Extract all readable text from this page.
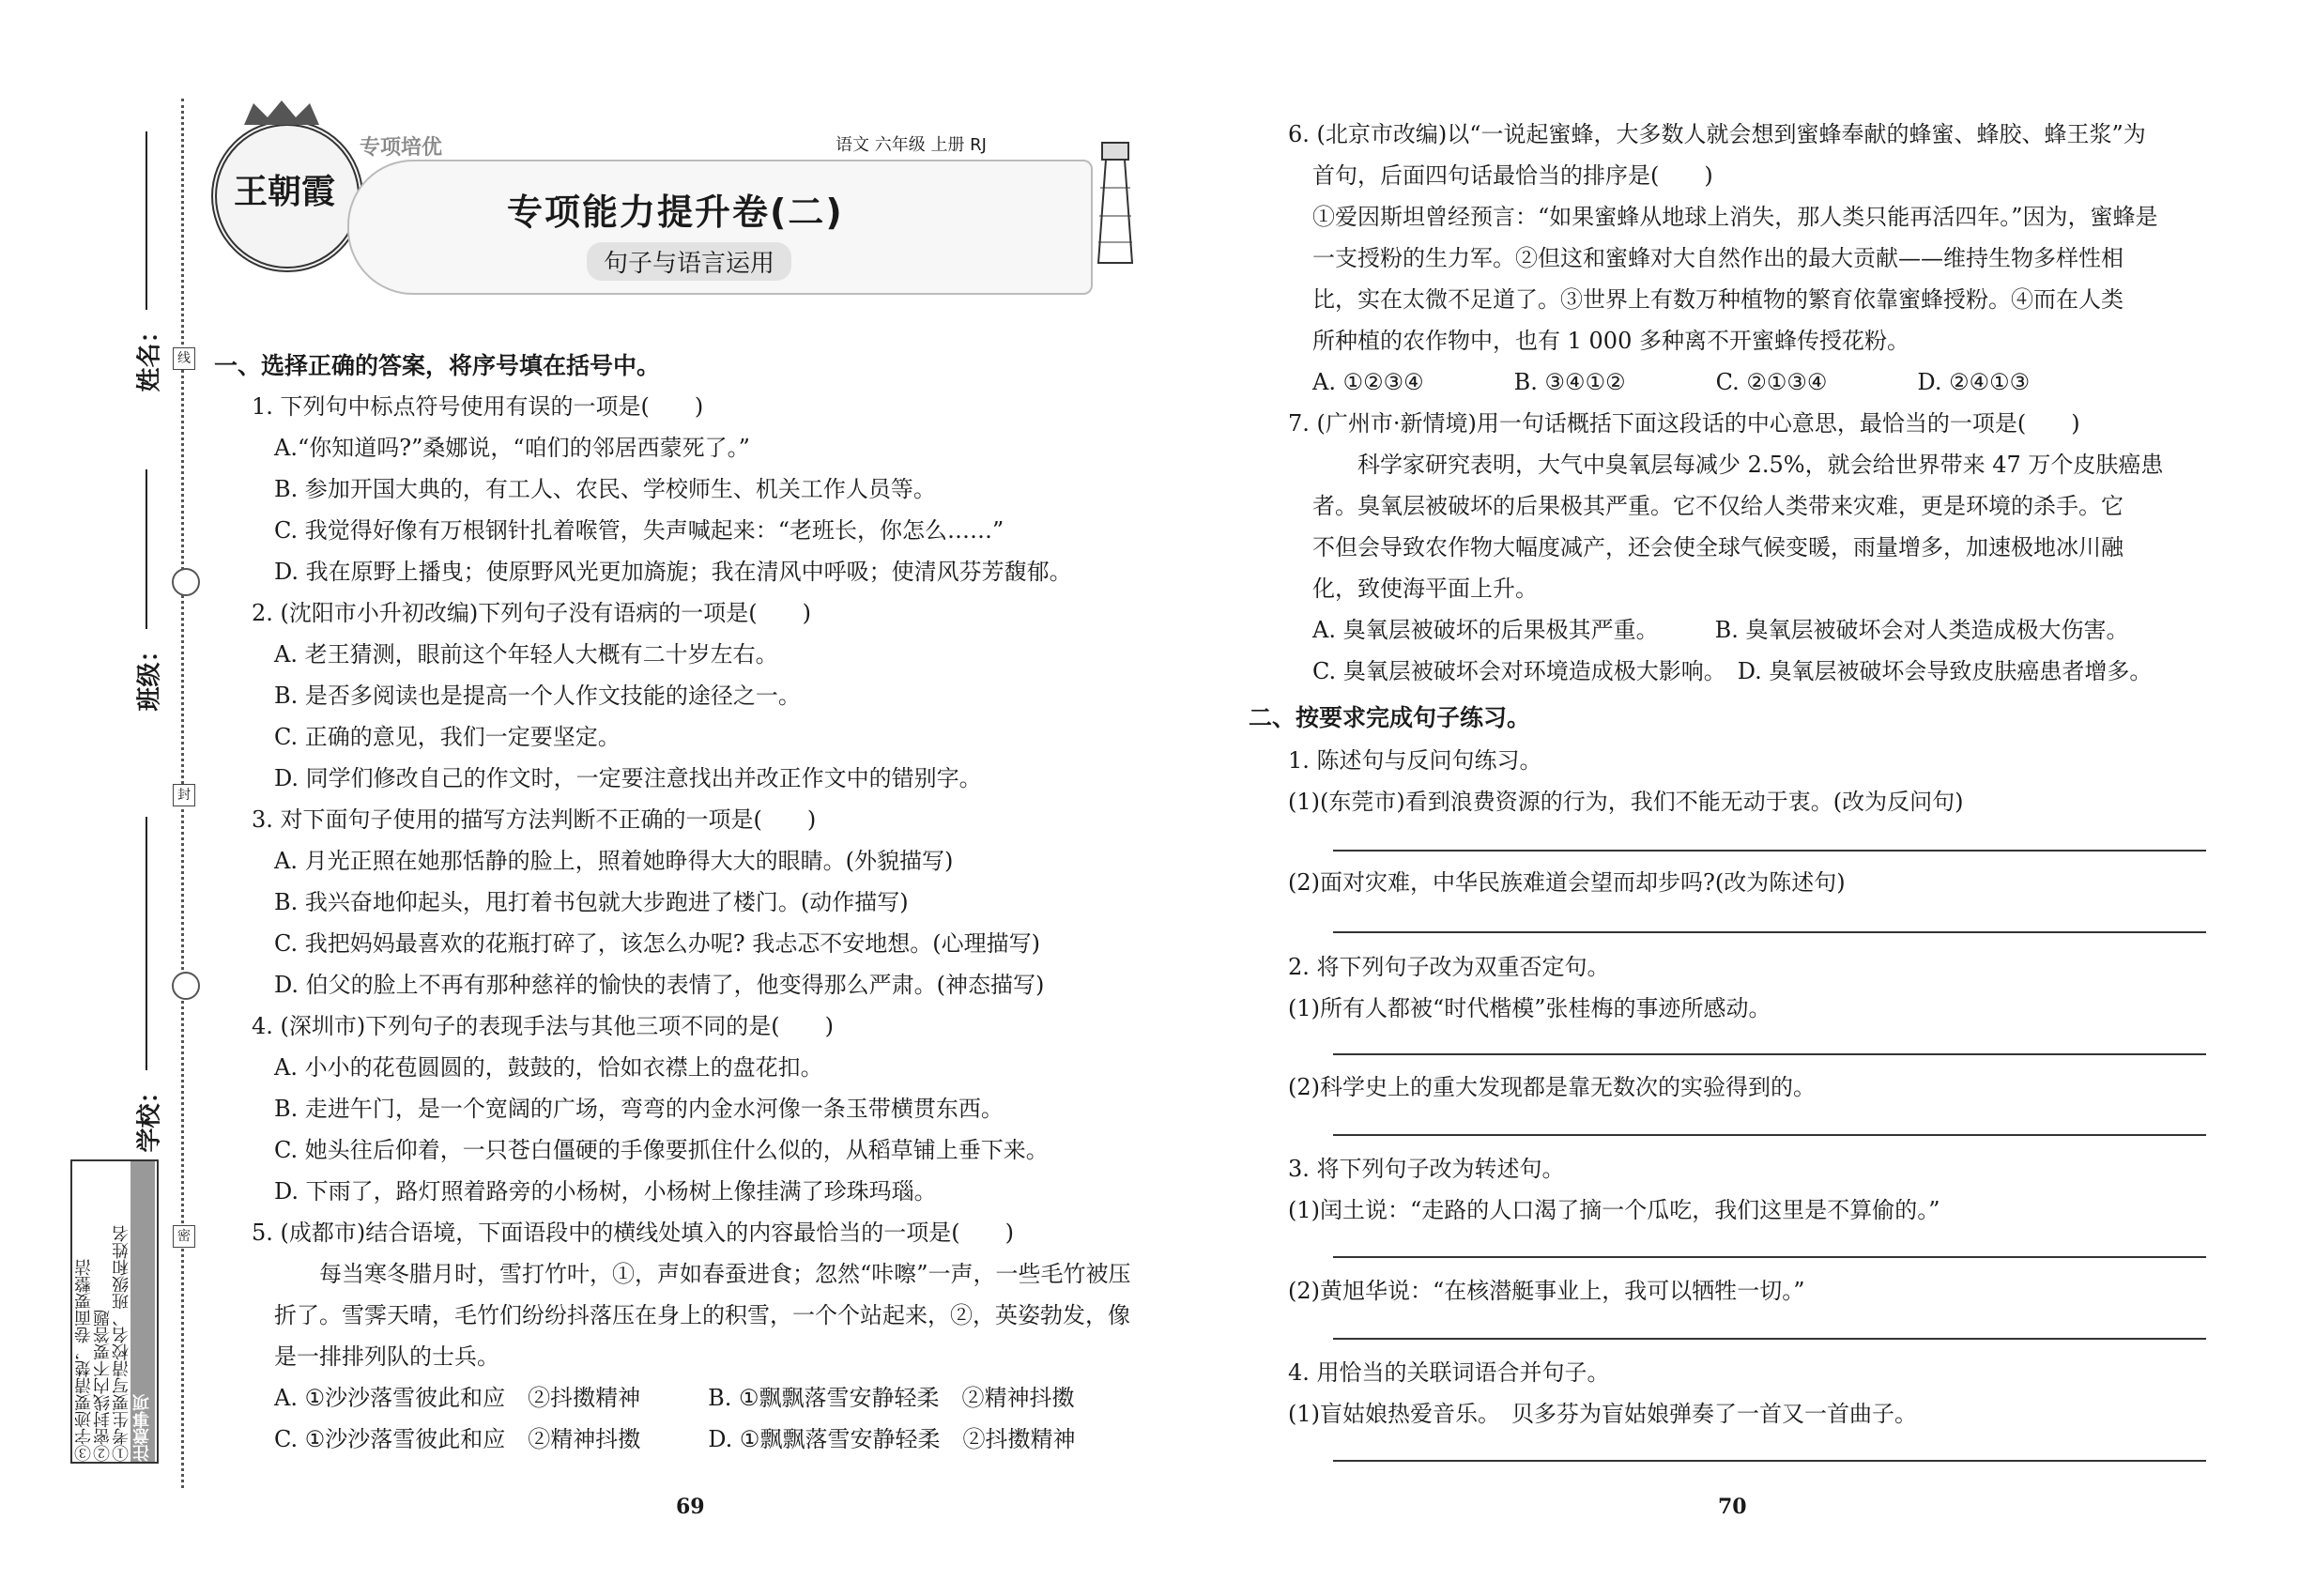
线
封
密
姓名：
班级：
学校：
注意事项
①考生要写清校名、班级和姓名
②密封线内不要答题
③字迹要清楚，卷面要整洁
王朝霞
专项培优	语文 六年级 上册 RJ
专项能力提升卷(二)
句子与语言运用
一、选择正确的答案，将序号填在括号中。
1. 下列句中标点符号使用有误的一项是(　　)
A.“你知道吗?”桑娜说，“咱们的邻居西蒙死了。”
B. 参加开国大典的，有工人、农民、学校师生、机关工作人员等。
C. 我觉得好像有万根钢针扎着喉管，失声喊起来：“老班长，你怎么……”
D. 我在原野上播曳；使原野风光更加旖旎；我在清风中呼吸；使清风芬芳馥郁。
2. (沈阳市小升初改编)下列句子没有语病的一项是(　　)
A. 老王猜测，眼前这个年轻人大概有二十岁左右。
B. 是否多阅读也是提高一个人作文技能的途径之一。
C. 正确的意见，我们一定要坚定。
D. 同学们修改自己的作文时，一定要注意找出并改正作文中的错别字。
3. 对下面句子使用的描写方法判断不正确的一项是(　　)
A. 月光正照在她那恬静的脸上，照着她睁得大大的眼睛。(外貌描写)
B. 我兴奋地仰起头，甩打着书包就大步跑进了楼门。(动作描写)
C. 我把妈妈最喜欢的花瓶打碎了，该怎么办呢? 我忐忑不安地想。(心理描写)
D. 伯父的脸上不再有那种慈祥的愉快的表情了，他变得那么严肃。(神态描写)
4. (深圳市)下列句子的表现手法与其他三项不同的是(　　)
A. 小小的花苞圆圆的，鼓鼓的，恰如衣襟上的盘花扣。
B. 走进午门，是一个宽阔的广场，弯弯的内金水河像一条玉带横贯东西。
C. 她头往后仰着，一只苍白僵硬的手像要抓住什么似的，从稻草铺上垂下来。
D. 下雨了，路灯照着路旁的小杨树，小杨树上像挂满了珍珠玛瑙。
5. (成都市)结合语境，下面语段中的横线处填入的内容最恰当的一项是(　　)
　　每当寒冬腊月时，雪打竹叶，①，声如春蚕进食；忽然“咔嚓”一声，一些毛竹被压
折了。雪霁天晴，毛竹们纷纷抖落压在身上的积雪，一个个站起来，②，英姿勃发，像
是一排排列队的士兵。
A. ①沙沙落雪彼此和应　②抖擞精神　　　B. ①飘飘落雪安静轻柔　②精神抖擞
C. ①沙沙落雪彼此和应　②精神抖擞　　　D. ①飘飘落雪安静轻柔　②抖擞精神
6. (北京市改编)以“一说起蜜蜂，大多数人就会想到蜜蜂奉献的蜂蜜、蜂胶、蜂王浆”为
首句，后面四句话最恰当的排序是(　　)
①爱因斯坦曾经预言：“如果蜜蜂从地球上消失，那人类只能再活四年。”因为，蜜蜂是
一支授粉的生力军。②但这和蜜蜂对大自然作出的最大贡献——维持生物多样性相
比，实在太微不足道了。③世界上有数万种植物的繁育依靠蜜蜂授粉。④而在人类
所种植的农作物中，也有 1 000 多种离不开蜜蜂传授花粉。
A. ①②③④　　　　B. ③④①②　　　　C. ②①③④　　　　D. ②④①③
7. (广州市·新情境)用一句话概括下面这段话的中心意思，最恰当的一项是(　　)
　　科学家研究表明，大气中臭氧层每减少 2.5%，就会给世界带来 47 万个皮肤癌患
者。臭氧层被破坏的后果极其严重。它不仅给人类带来灾难，更是环境的杀手。它
不但会导致农作物大幅度减产，还会使全球气候变暖，雨量增多，加速极地冰川融
化，致使海平面上升。
A. 臭氧层被破坏的后果极其严重。　　　B. 臭氧层被破坏会对人类造成极大伤害。
C. 臭氧层被破坏会对环境造成极大影响。　D. 臭氧层被破坏会导致皮肤癌患者增多。
二、按要求完成句子练习。
1. 陈述句与反问句练习。
(1)(东莞市)看到浪费资源的行为，我们不能无动于衷。(改为反问句)
(2)面对灾难，中华民族难道会望而却步吗?(改为陈述句)
2. 将下列句子改为双重否定句。
(1)所有人都被“时代楷模”张桂梅的事迹所感动。
(2)科学史上的重大发现都是靠无数次的实验得到的。
3. 将下列句子改为转述句。
(1)闰土说：“走路的人口渴了摘一个瓜吃，我们这里是不算偷的。”
(2)黄旭华说：“在核潜艇事业上，我可以牺牲一切。”
4. 用恰当的关联词语合并句子。
(1)盲姑娘热爱音乐。　贝多芬为盲姑娘弹奏了一首又一首曲子。
69	70
